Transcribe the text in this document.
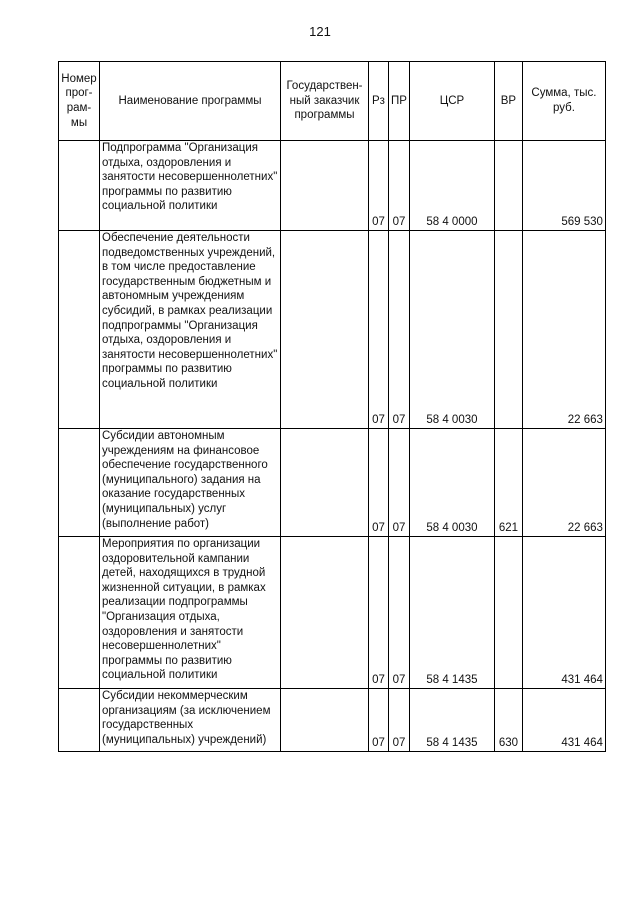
121
Номер прог-рам-мы	Наименование программы	Государствен-ный заказчик программы	Рз	ПР	ЦСР	ВР	Сумма, тыс. руб.
	Подпрограмма "Организация отдыха, оздоровления и занятости несовершеннолетних" программы по развитию социальной политики		07	07	58 4 0000		569 530
	Обеспечение деятельности подведомственных учреждений, в том числе предоставление государственным бюджетным и автономным учреждениям субсидий, в рамках реализации подпрограммы "Организация отдыха, оздоровления и занятости несовершеннолетних" программы по развитию социальной политики		07	07	58 4 0030		22 663
	Субсидии автономным учреждениям на финансовое обеспечение государственного (муниципального) задания на оказание государственных (муниципальных) услуг (выполнение работ)		07	07	58 4 0030	621	22 663
	Мероприятия по организации оздоровительной кампании детей, находящихся в трудной жизненной ситуации, в рамках реализации подпрограммы "Организация отдыха, оздоровления и занятости несовершеннолетних" программы по развитию социальной политики		07	07	58 4 1435		431 464
	Субсидии некоммерческим организациям (за исключением государственных (муниципальных) учреждений)		07	07	58 4 1435	630	431 464
